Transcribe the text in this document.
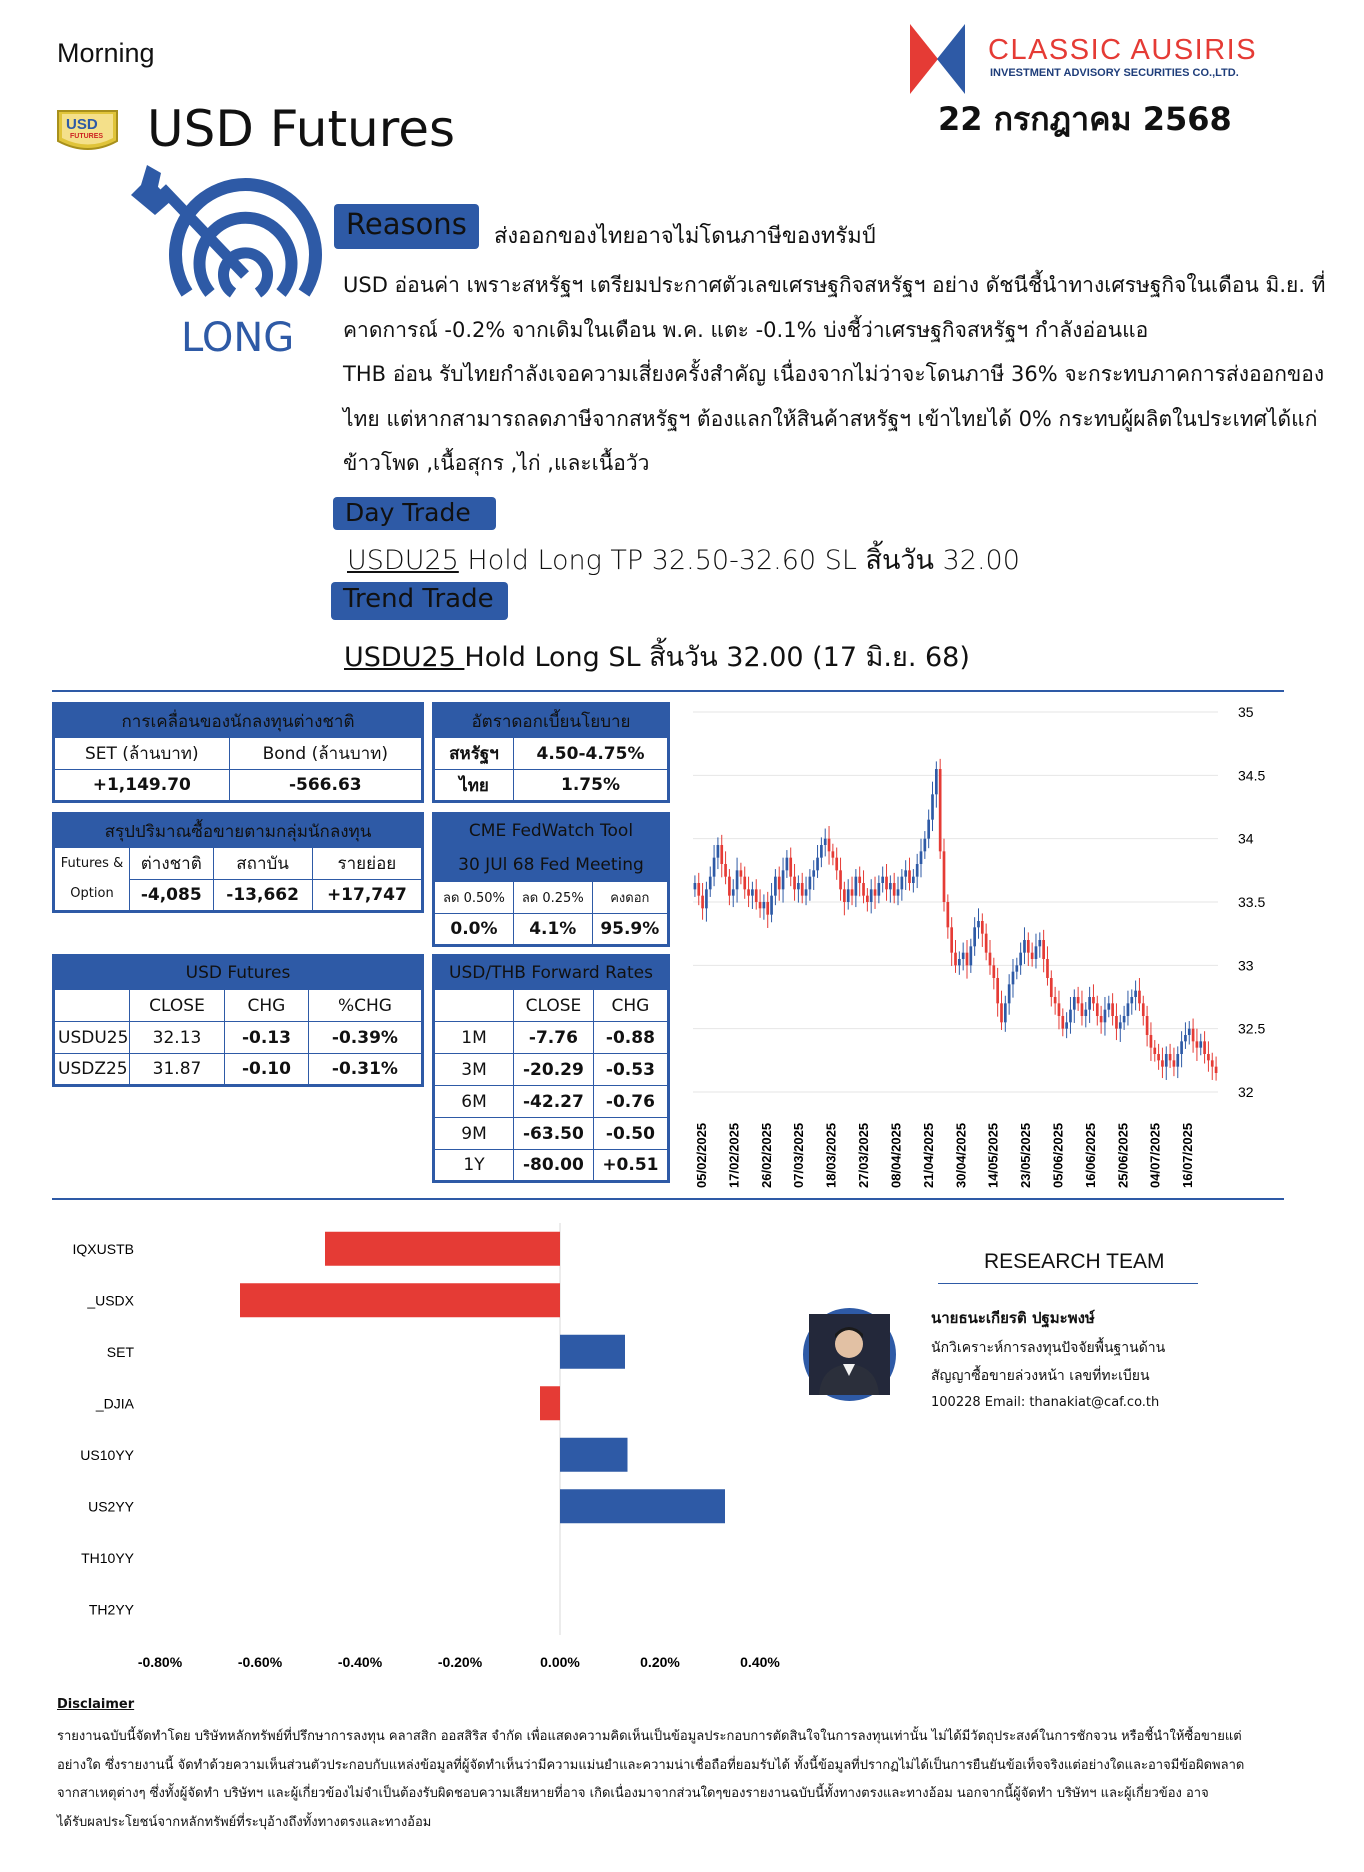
Morning
USD
FUTURES USD Futures
CLASSIC AUSIRIS
INVESTMENT ADVISORY SECURITIES CO.,LTD.
22 กรกฎาคม 2568
LONG
Reasons	ส่งออกของไทยอาจไม่โดนภาษีของทรัมป์
USD อ่อนค่า เพราะสหรัฐฯ เตรียมประกาศตัวเลขเศรษฐกิจสหรัฐฯ อย่าง ดัชนีชี้นำทางเศรษฐกิจในเดือน มิ.ย. ที่
คาดการณ์ -0.2% จากเดิมในเดือน พ.ค. แตะ -0.1% บ่งชี้ว่าเศรษฐกิจสหรัฐฯ กำลังอ่อนแอ
THB อ่อน รับไทยกำลังเจอความเสี่ยงครั้งสำคัญ เนื่องจากไม่ว่าจะโดนภาษี 36% จะกระทบภาคการส่งออกของ
ไทย แต่หากสามารถลดภาษีจากสหรัฐฯ ต้องแลกให้สินค้าสหรัฐฯ เข้าไทยได้ 0% กระทบผู้ผลิตในประเทศได้แก่
ข้าวโพด ,เนื้อสุกร ,ไก่ ,และเนื้อวัว
Day Trade
USDU25 Hold Long TP 32.50-32.60 SL สิ้นวัน 32.00
Trend Trade
USDU25 Hold Long SL สิ้นวัน 32.00 (17 มิ.ย. 68)
การเคลื่อนของนักลงทุนต่างชาติ	
SET (ล้านบาท)	Bond (ล้านบาท)
+1,149.70	-566.63
อัตราดอกเบี้ยนโยบาย	
สหรัฐฯ	4.50-4.75%
ไทย	1.75%
สรุปปริมาณซื้อขายตามกลุ่มนักลงทุน			
Futures &
Option	ต่างชาติ	สถาบัน	รายย่อย
	-4,085	-13,662	+17,747
CME FedWatch Tool		
30 JUl 68 Fed Meeting		
ลด 0.50%	ลด 0.25%	คงดอก
0.0%	4.1%	95.9%
USD Futures			
	CLOSE	CHG	%CHG
USDU25	32.13	-0.13	-0.39%
USDZ25	31.87	-0.10	-0.31%
USD/THB Forward Rates		
	CLOSE	CHG
1M	-7.76	-0.88
3M	-20.29	-0.53
6M	-42.27	-0.76
9M	-63.50	-0.50
1Y	-80.00	+0.51
35
34.5
34
33.5
33
32.5
32
05/02/2025 17/02/2025 26/02/2025 07/03/2025 18/03/2025 27/03/2025 08/04/2025 21/04/2025 30/04/2025 14/05/2025 23/05/2025 05/06/2025 16/06/2025 25/06/2025 04/07/2025 16/07/2025
IQXUSTB
_USDX
SET
_DJIA
US10YY
US2YY
TH10YY
TH2YY
-0.80%	-0.60%	-0.40%	-0.20%	0.00%	0.20%	0.40%
RESEARCH TEAM
นายธนะเกียรติ ปฐมะพงษ์
นักวิเคราะห์การลงทุนปัจจัยพื้นฐานด้าน
สัญญาซื้อขายล่วงหน้า เลขที่ทะเบียน
100228 Email: thanakiat@caf.co.th
Disclaimer
รายงานฉบับนี้จัดทำโดย บริษัทหลักทรัพย์ที่ปรึกษาการลงทุน คลาสสิก ออสสิริส จำกัด เพื่อแสดงความคิดเห็นเป็นข้อมูลประกอบการตัดสินใจในการลงทุนเท่านั้น ไม่ได้มีวัตถุประสงค์ในการชักจวน หรือชี้นำให้ซื้อขายแต่
อย่างใด ซึ่งรายงานนี้ จัดทำด้วยความเห็นส่วนตัวประกอบกับแหล่งข้อมูลที่ผู้จัดทำเห็นว่ามีความแม่นยำและความน่าเชื่อถือที่ยอมรับได้ ทั้งนี้ข้อมูลที่ปรากฏไม่ได้เป็นการยืนยันข้อเท็จจริงแต่อย่างใดและอาจมีข้อผิดพลาด
จากสาเหตุต่างๆ ซึ่งทั้งผู้จัดทำ บริษัทฯ และผู้เกี่ยวข้องไม่จำเป็นต้องรับผิดชอบความเสียหายที่อาจ เกิดเนื่องมาจากส่วนใดๆของรายงานฉบับนี้ทั้งทางตรงและทางอ้อม นอกจากนี้ผู้จัดทำ บริษัทฯ และผู้เกี่ยวข้อง อาจ
ได้รับผลประโยชน์จากหลักทรัพย์ที่ระบุอ้างถึงทั้งทางตรงและทางอ้อม
